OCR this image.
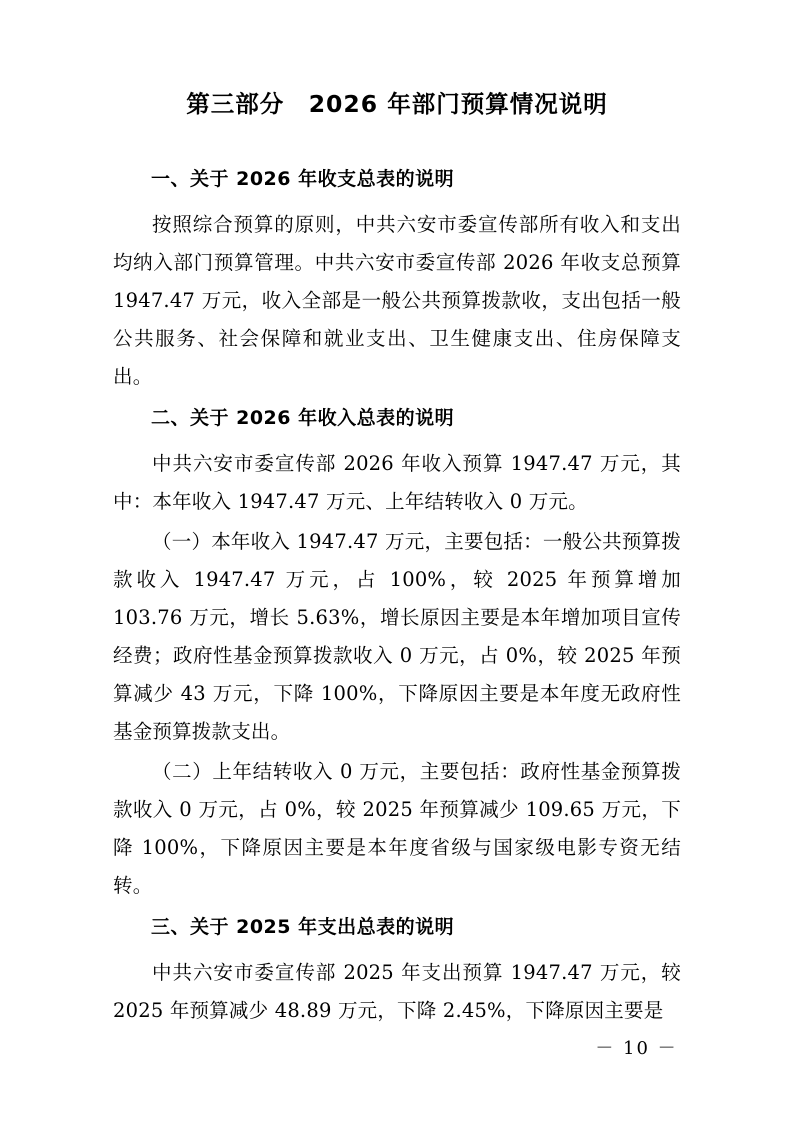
第三部分　2026 年部门预算情况说明
一、关于 2026 年收支总表的说明

按照综合预算的原则，中共六安市委宣传部所有收入和支出均纳入部门预算管理。中共六安市委宣传部 2026 年收支总预算 1947.47 万元，收入全部是一般公共预算拨款收，支出包括一般公共服务、社会保障和就业支出、卫生健康支出、住房保障支出。

二、关于 2026 年收入总表的说明

中共六安市委宣传部 2026 年收入预算 1947.47 万元，其中：本年收入 1947.47 万元、上年结转收入 0 万元。

（一）本年收入 1947.47 万元，主要包括：一般公共预算拨款收入 1947.47 万元，占 100%，较 2025 年预算增加 103.76 万元，增长 5.63%，增长原因主要是本年增加项目宣传经费；政府性基金预算拨款收入 0 万元，占 0%，较 2025 年预算减少 43 万元，下降 100%，下降原因主要是本年度无政府性基金预算拨款支出。

（二）上年结转收入 0 万元，主要包括：政府性基金预算拨款收入 0 万元，占 0%，较 2025 年预算减少 109.65 万元，下降 100%，下降原因主要是本年度省级与国家级电影专资无结转。

三、关于 2025 年支出总表的说明

中共六安市委宣传部 2025 年支出预算 1947.47 万元，较 2025 年预算减少 48.89 万元，下降 2.45%，下降原因主要是

－ 10 －
